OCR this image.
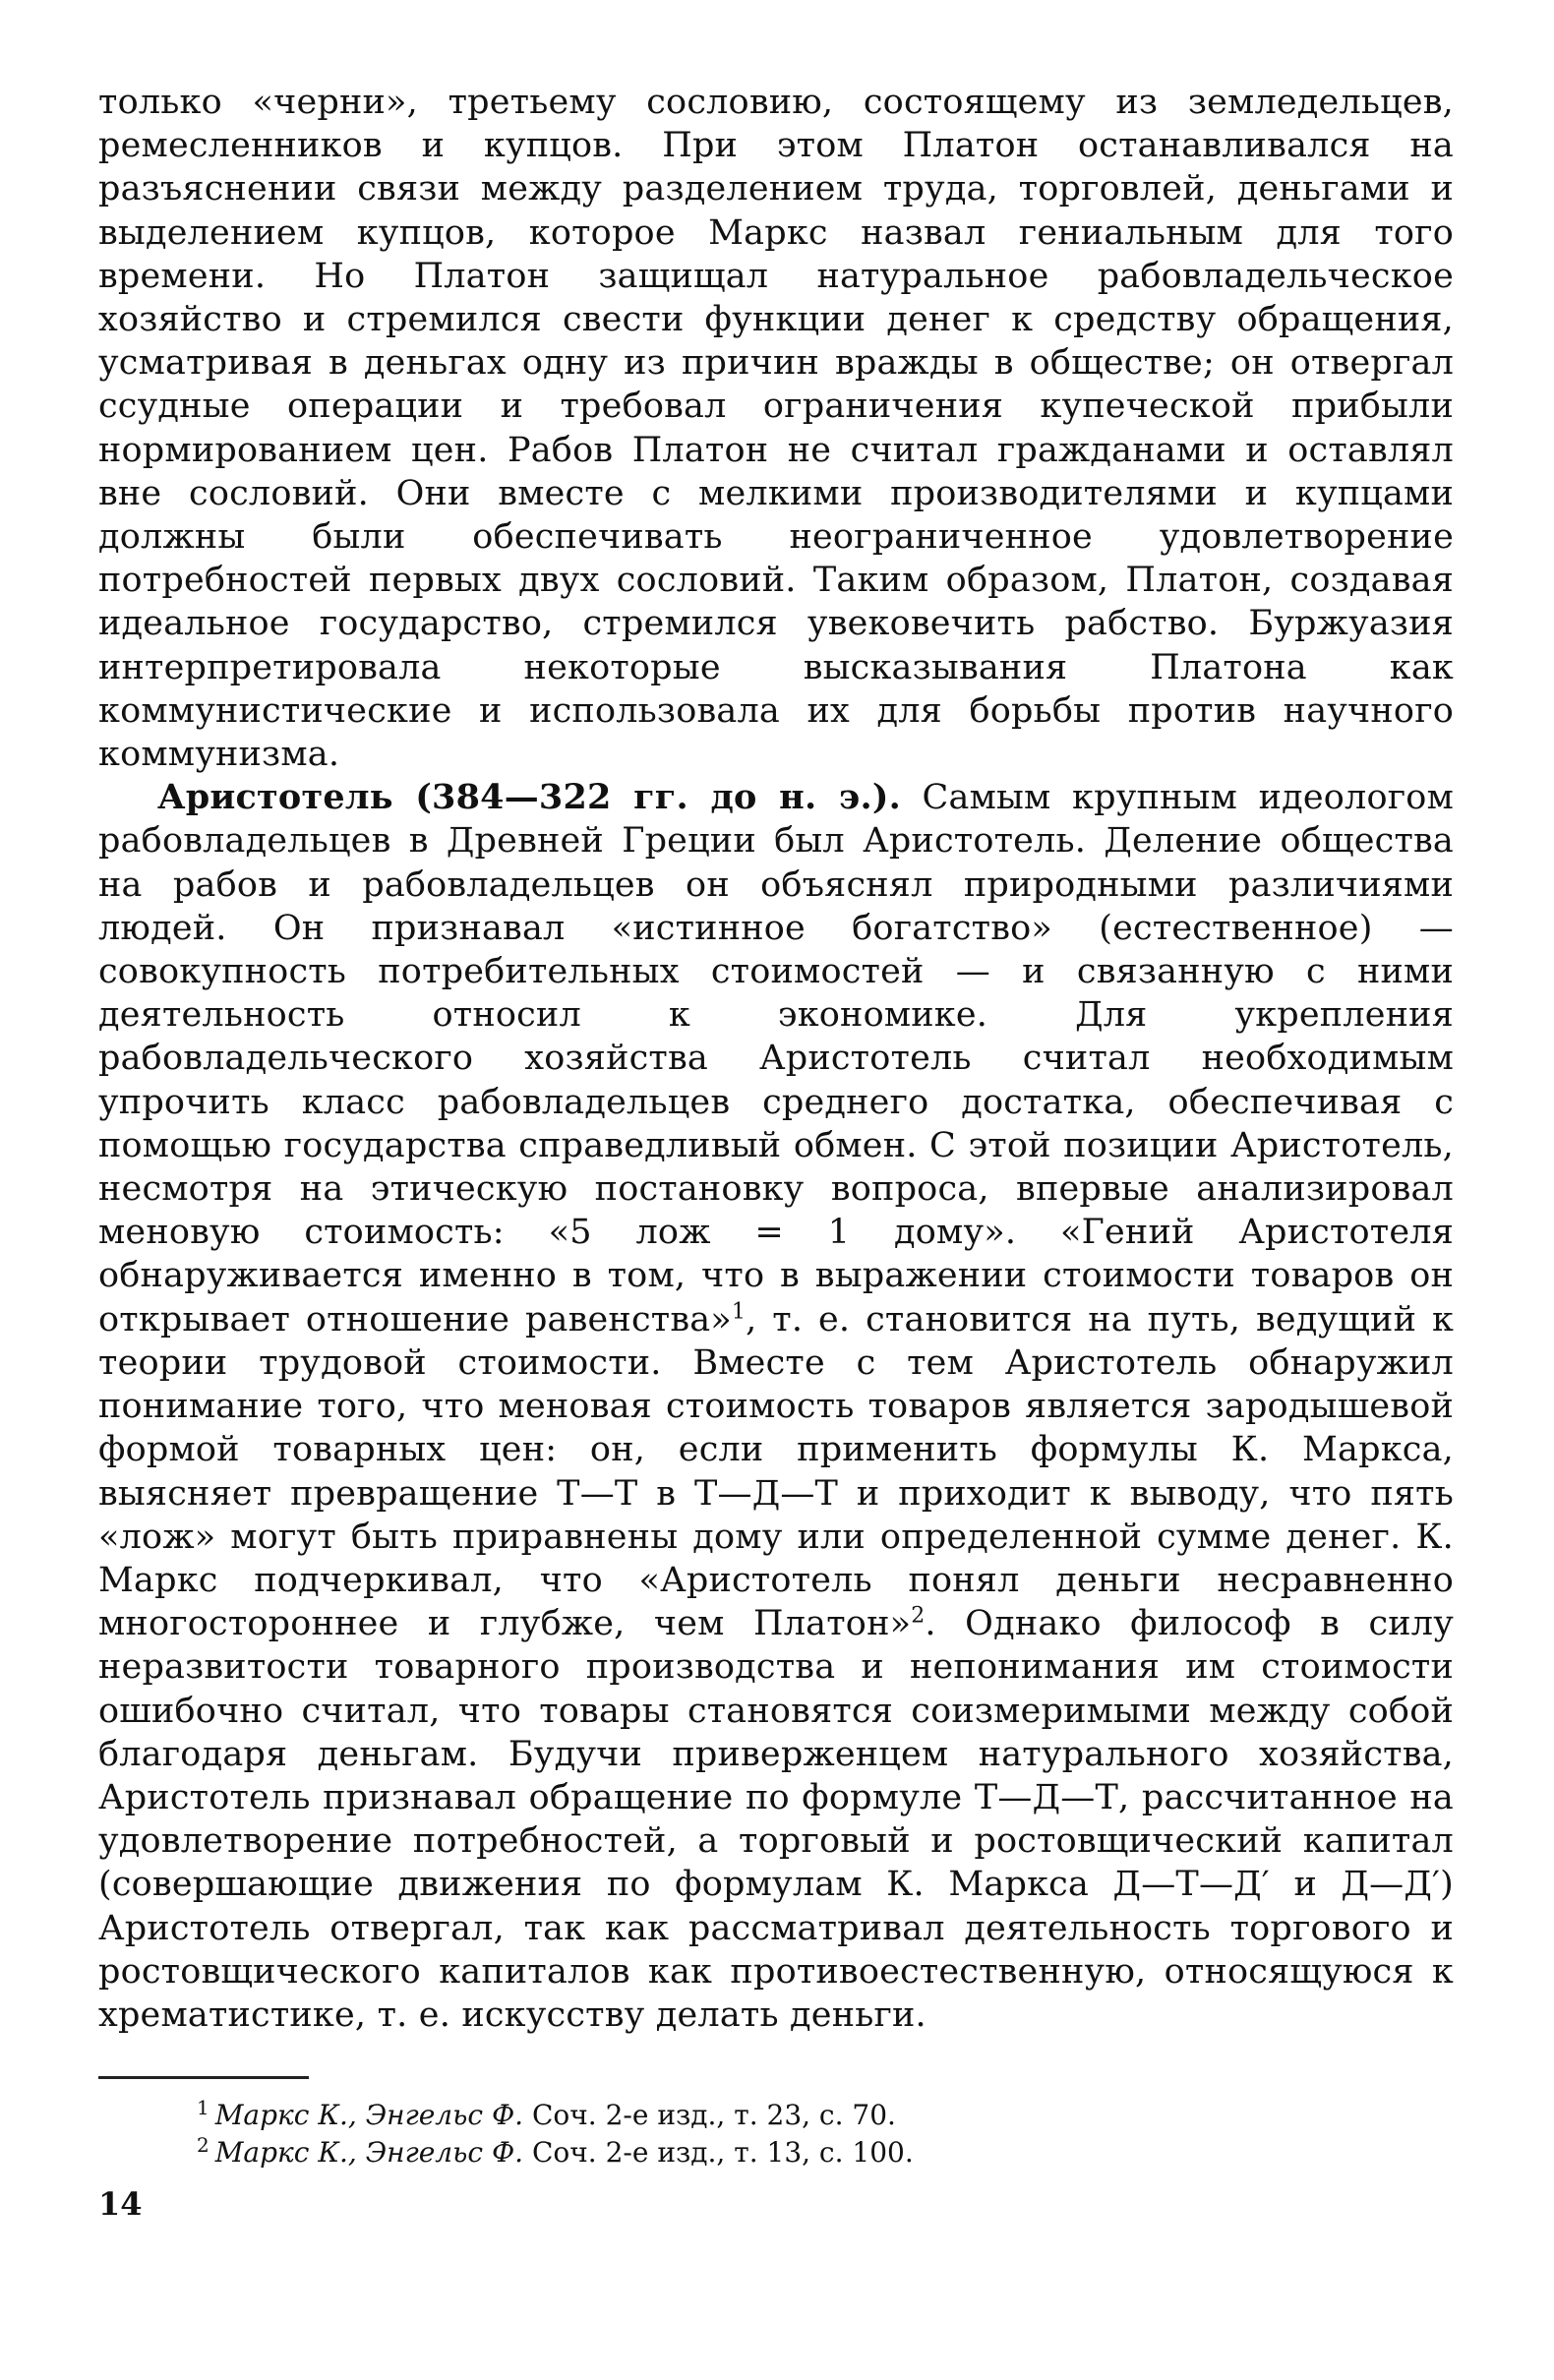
только «черни», третьему сословию, состоящему из земледельцев, ремесленников и купцов. При этом Платон останавливался на разъяснении связи между разделением труда, торговлей, деньгами и выделением купцов, которое Маркс назвал гениальным для того времени. Но Платон защищал натуральное рабовладельческое хозяйство и стремился свести функции денег к средству обращения, усматривая в деньгах одну из причин вражды в обществе; он отвергал ссудные операции и требовал ограничения купеческой прибыли нормированием цен. Рабов Платон не считал гражданами и оставлял вне сословий. Они вместе с мелкими производителями и купцами должны были обеспечивать неограниченное удовлетворение потребностей первых двух сословий. Таким образом, Платон, создавая идеальное государство, стремился увековечить рабство. Буржуазия интерпретировала некоторые высказывания Платона как коммунистические и использовала их для борьбы против научного коммунизма.

Аристотель (384—322 гг. до н. э.). Самым крупным идеологом рабовладельцев в Древней Греции был Аристотель. Деление общества на рабов и рабовладельцев он объяснял природными различиями людей. Он признавал «истинное богатство» (естественное) — совокупность потребительных стоимостей — и связанную с ними деятельность относил к экономике. Для укрепления рабовладельческого хозяйства Аристотель считал необходимым упрочить класс рабовладельцев среднего достатка, обеспечивая с помощью государства справедливый обмен. С этой позиции Аристотель, несмотря на этическую постановку вопроса, впервые анализировал меновую стоимость: «5 лож = 1 дому». «Гений Аристотеля обнаруживается именно в том, что в выражении стоимости товаров он открывает отношение равенства»$^1$, т. е. становится на путь, ведущий к теории трудовой стоимости. Вместе с тем Аристотель обнаружил понимание того, что меновая стоимость товаров является зародышевой формой товарных цен: он, если применить формулы К. Маркса, выясняет превращение Т—Т в Т—Д—Т и приходит к выводу, что пять «лож» могут быть приравнены дому или определенной сумме денег. К. Маркс подчеркивал, что «Аристотель понял деньги несравненно многостороннее и глубже, чем Платон»$^2$. Однако философ в силу неразвитости товарного производства и непонимания им стоимости ошибочно считал, что товары становятся соизмеримыми между собой благодаря деньгам. Будучи приверженцем натурального хозяйства, Аристотель признавал обращение по формуле Т—Д—Т, рассчитанное на удовлетворение потребностей, а торговый и ростовщический капитал (совершающие движения по формулам К. Маркса Д—Т—Д′ и Д—Д′) Аристотель отвергал, так как рассматривал деятельность торгового и ростовщического капиталов как противоестественную, относящуюся к хрематистике, т. е. искусству делать деньги.

$^1$ Маркс К., Энгельс Ф. Соч. 2-е изд., т. 23, с. 70.

$^2$ Маркс К., Энгельс Ф. Соч. 2-е изд., т. 13, с. 100.

14
